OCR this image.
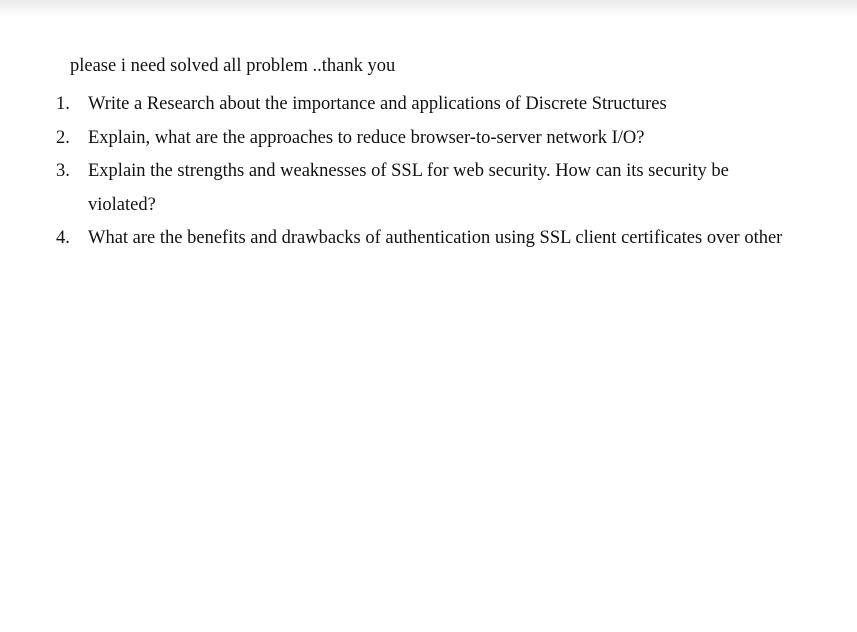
please i need solved all problem ..thank you
1. Write a Research about the importance and applications of Discrete Structures
2. Explain, what are the approaches to reduce browser-to-server network I/O?
3. Explain the strengths and weaknesses of SSL for web security. How can its security be violated?
4. What are the benefits and drawbacks of authentication using SSL client certificates over other
